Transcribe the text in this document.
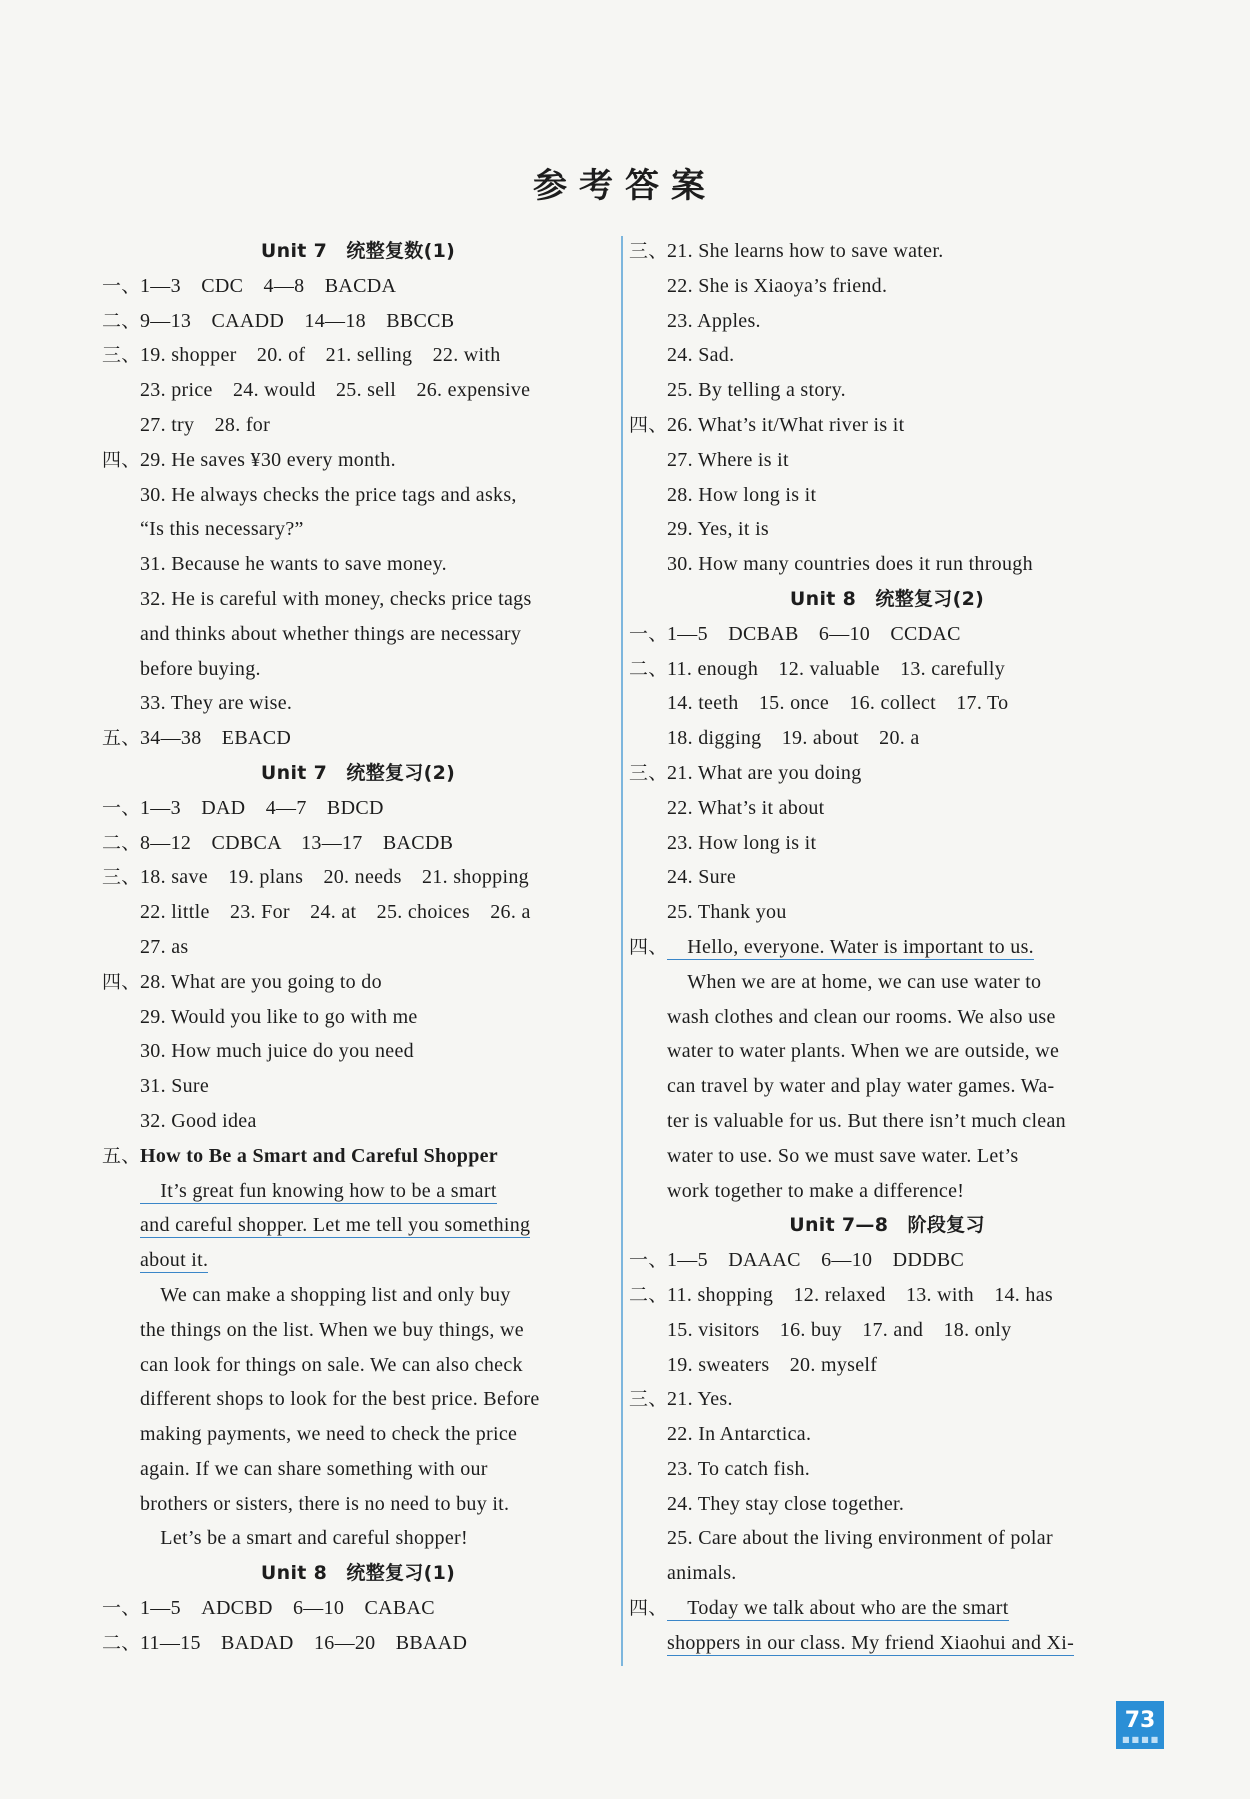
参考答案
Unit 7　统整复数(1)
一、1—3　CDC　4—8　BACDA
二、9—13　CAADD　14—18　BBCCB
三、19. shopper　20. of　21. selling　22. with
23. price　24. would　25. sell　26. expensive
27. try　28. for
四、29. He saves ¥30 every month.
30. He always checks the price tags and asks,
“Is this necessary?”
31. Because he wants to save money.
32. He is careful with money, checks price tags
and thinks about whether things are necessary
before buying.
33. They are wise.
五、34—38　EBACD
Unit 7　统整复习(2)
一、1—3　DAD　4—7　BDCD
二、8—12　CDBCA　13—17　BACDB
三、18. save　19. plans　20. needs　21. shopping
22. little　23. For　24. at　25. choices　26. a
27. as
四、28. What are you going to do
29. Would you like to go with me
30. How much juice do you need
31. Sure
32. Good idea
五、How to Be a Smart and Careful Shopper
　It’s great fun knowing how to be a smart
and careful shopper. Let me tell you something
about it.
　We can make a shopping list and only buy
the things on the list. When we buy things, we
can look for things on sale. We can also check
different shops to look for the best price. Before
making payments, we need to check the price
again. If we can share something with our
brothers or sisters, there is no need to buy it.
　Let’s be a smart and careful shopper!
Unit 8　统整复习(1)
一、1—5　ADCBD　6—10　CABAC
二、11—15　BADAD　16—20　BBAAD
三、21. She learns how to save water.
22. She is Xiaoya’s friend.
23. Apples.
24. Sad.
25. By telling a story.
四、26. What’s it/What river is it
27. Where is it
28. How long is it
29. Yes, it is
30. How many countries does it run through
Unit 8　统整复习(2)
一、1—5　DCBAB　6—10　CCDAC
二、11. enough　12. valuable　13. carefully
14. teeth　15. once　16. collect　17. To
18. digging　19. about　20. a
三、21. What are you doing
22. What’s it about
23. How long is it
24. Sure
25. Thank you
四、　Hello, everyone. Water is important to us.
　When we are at home, we can use water to
wash clothes and clean our rooms. We also use
water to water plants. When we are outside, we
can travel by water and play water games. Wa-
ter is valuable for us. But there isn’t much clean
water to use. So we must save water. Let’s
work together to make a difference!
Unit 7—8　阶段复习
一、1—5　DAAAC　6—10　DDDBC
二、11. shopping　12. relaxed　13. with　14. has
15. visitors　16. buy　17. and　18. only
19. sweaters　20. myself
三、21. Yes.
22. In Antarctica.
23. To catch fish.
24. They stay close together.
25. Care about the living environment of polar
animals.
四、　Today we talk about who are the smart
shoppers in our class. My friend Xiaohui and Xi-
73
■■■■
